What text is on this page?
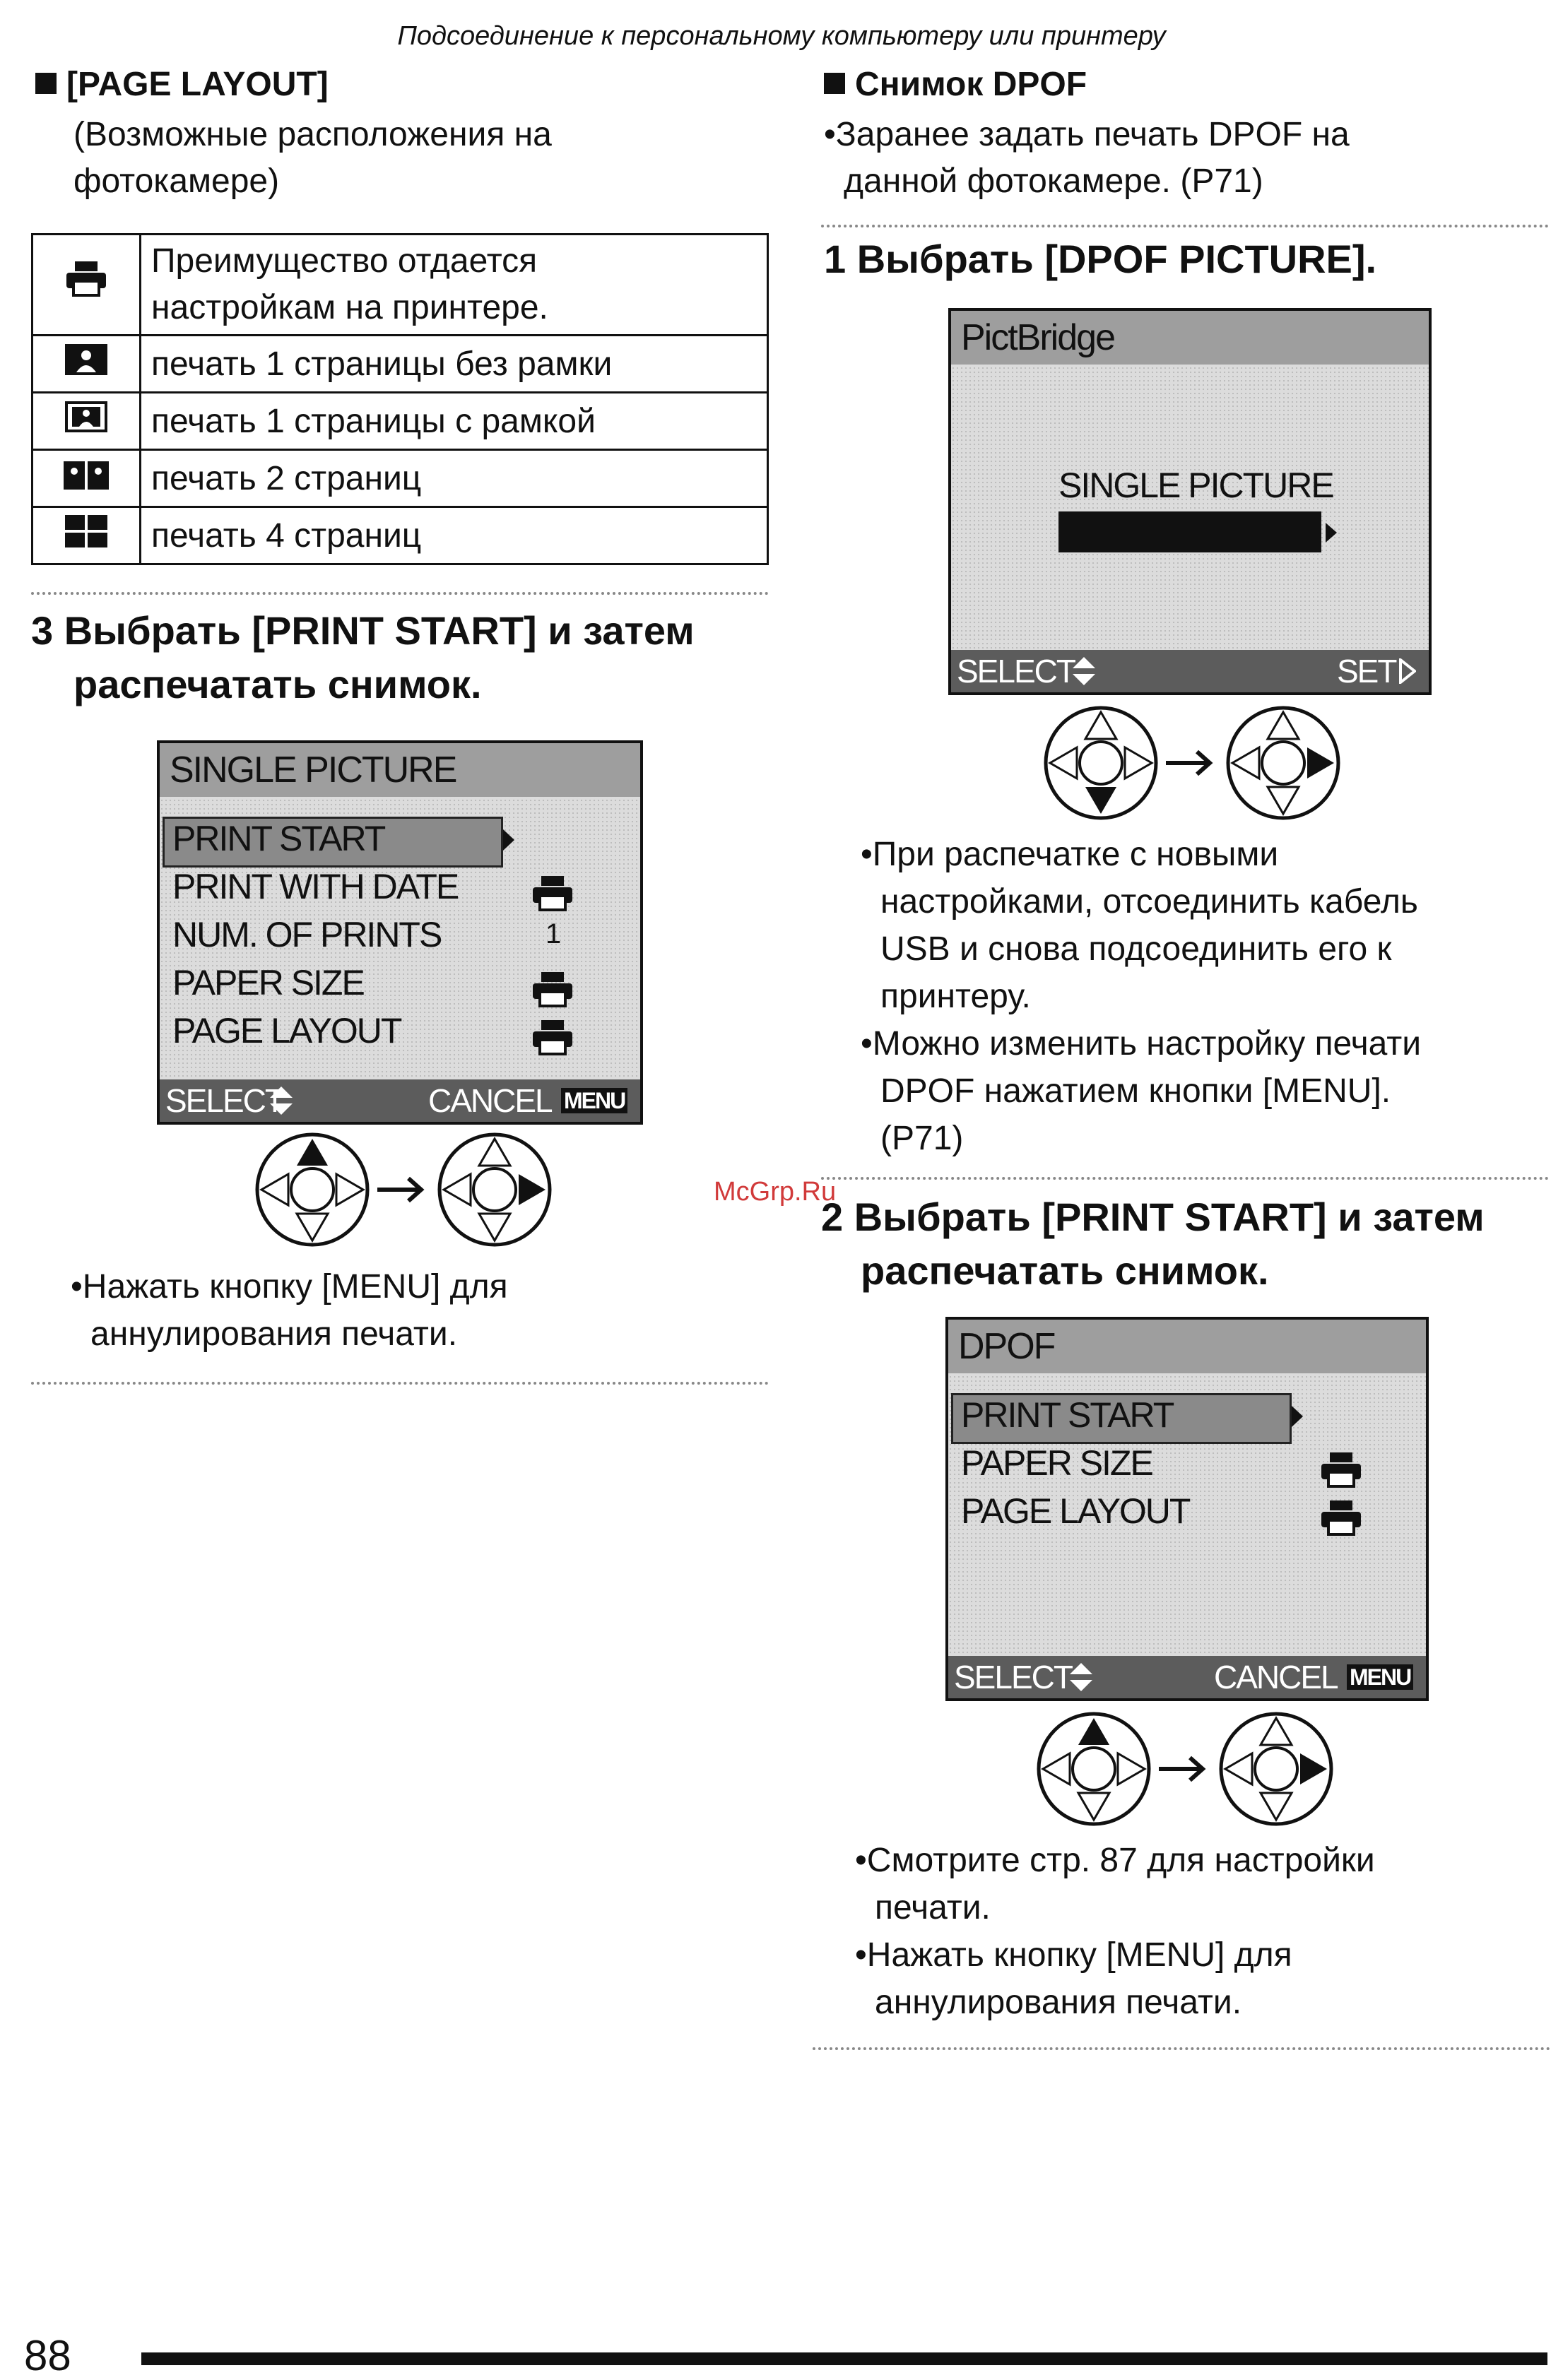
Подсоединение к персональному компьютеру или принтеру
[PAGE LAYOUT]
(Возможные расположения на
фотокамере)

Преимущество отдается
настройкам на принтере.

	печать 1 страницы без рамки
	печать 1 страницы с рамкой
	печать 2 страниц
	печать 4 страниц
3 Выбрать [PRINT START] и затем
распечатать снимок.
SINGLE PICTURE
PRINT START
PRINT WITH DATE
NUM. OF PRINTS
PAPER SIZE
PAGE LAYOUT
1
SELECT	CANCEL MENU
•Нажать кнопку [MENU] для
аннулирования печати.
Снимок DPOF
•Заранее задать печать DPOF на
данной фотокамере. (P71)
1 Выбрать [DPOF PICTURE].
PictBridge
SINGLE PICTURE
SELECT	SET
•При распечатке с новыми
настройками, отсоединить кабель
USB и снова подсоединить его к
принтеру.
•Можно изменить настройку печати
DPOF нажатием кнопки [MENU].
(P71)
McGrp.Ru
2 Выбрать [PRINT START] и затем
распечатать снимок.
DPOF
PRINT START
PAPER SIZE
PAGE LAYOUT
SELECT	CANCEL MENU
•Смотрите стр. 87 для настройки
печати.
•Нажать кнопку [MENU] для
аннулирования печати.
88
